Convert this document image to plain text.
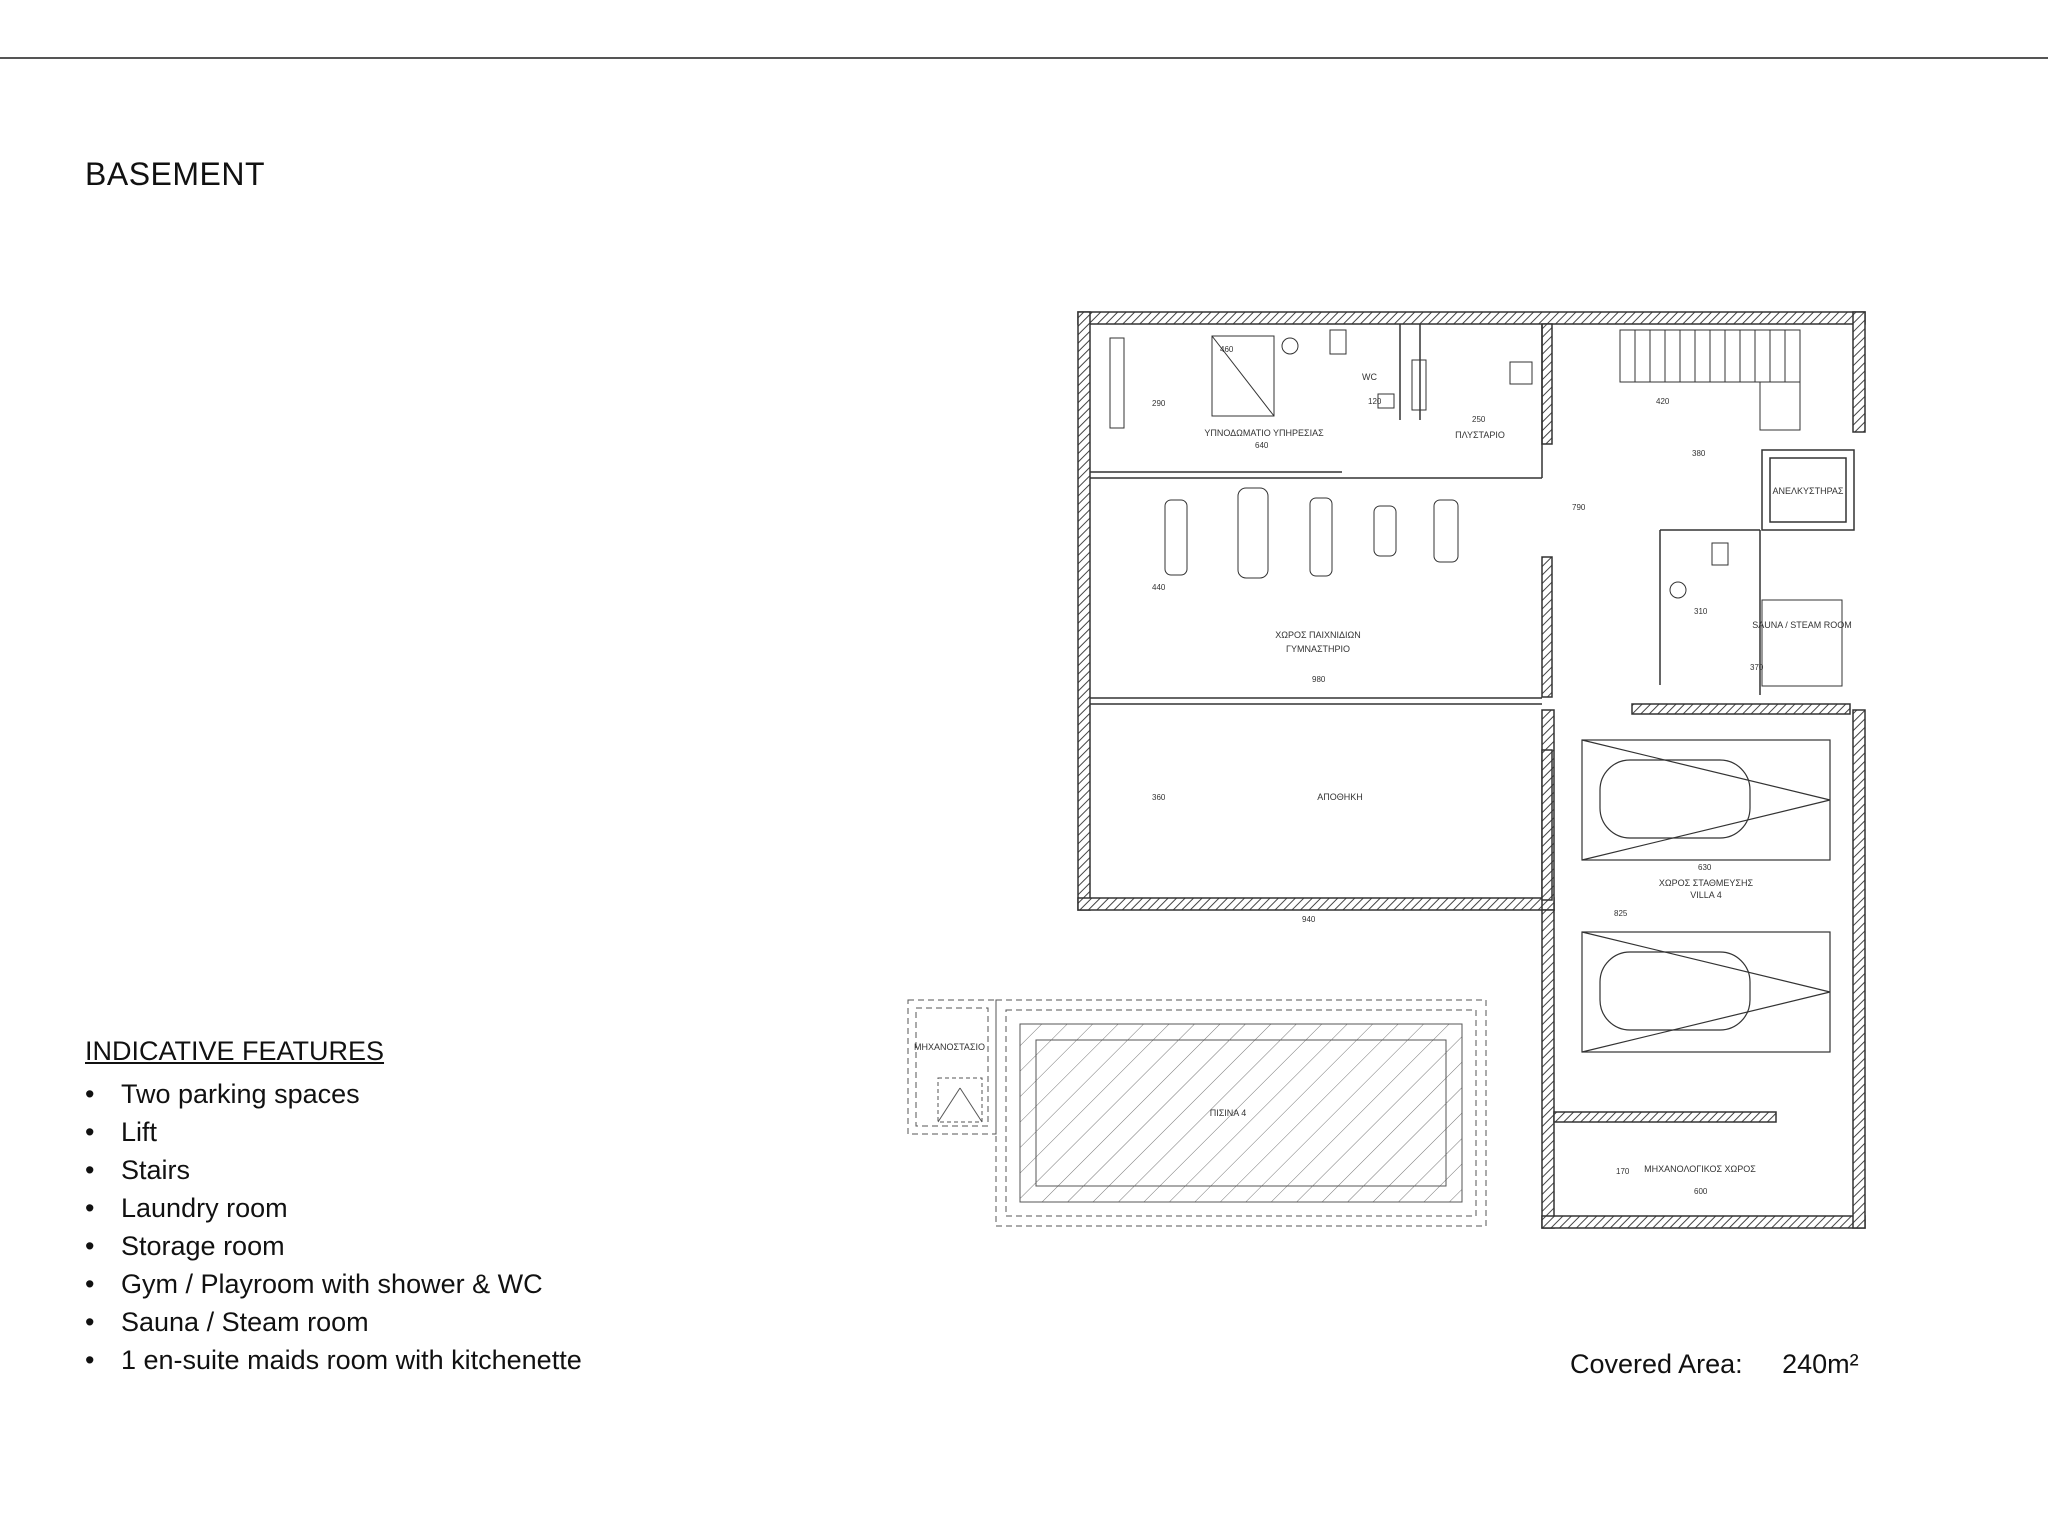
BASEMENT
INDICATIVE FEATURES
• Two parking spaces
• Lift
• Stairs
• Laundry room
• Storage room
• Gym / Playroom with shower & WC
• Sauna / Steam room
• 1 en-suite maids room with kitchenette	Covered Area: 240m²
ΑΝΕΛΚΥΣΤΗΡΑΣ
SAUNA / STEAM ROOM
ΥΠΝΟΔΩΜΑΤΙΟ ΥΠΗΡΕΣΙΑΣ
WC
ΠΛΥΣΤΑΡΙΟ
ΧΩΡΟΣ ΠΑΙΧΝΙΔΙΩΝ
ΓΥΜΝΑΣΤΗΡΙΟ
ΑΠΟΘΗΚΗ
ΧΩΡΟΣ ΣΤΑΘΜΕΥΣΗΣ
VILLA 4
ΜΗΧΑΝΟΛΟΓΙΚΟΣ ΧΩΡΟΣ
ΜΗΧΑΝΟΣΤΑΣΙΟ
ΠΙΣΙΝΑ 4
460
290
640
120
250
420
380
790
440
980
310
370
360
940
630
825
170
600
